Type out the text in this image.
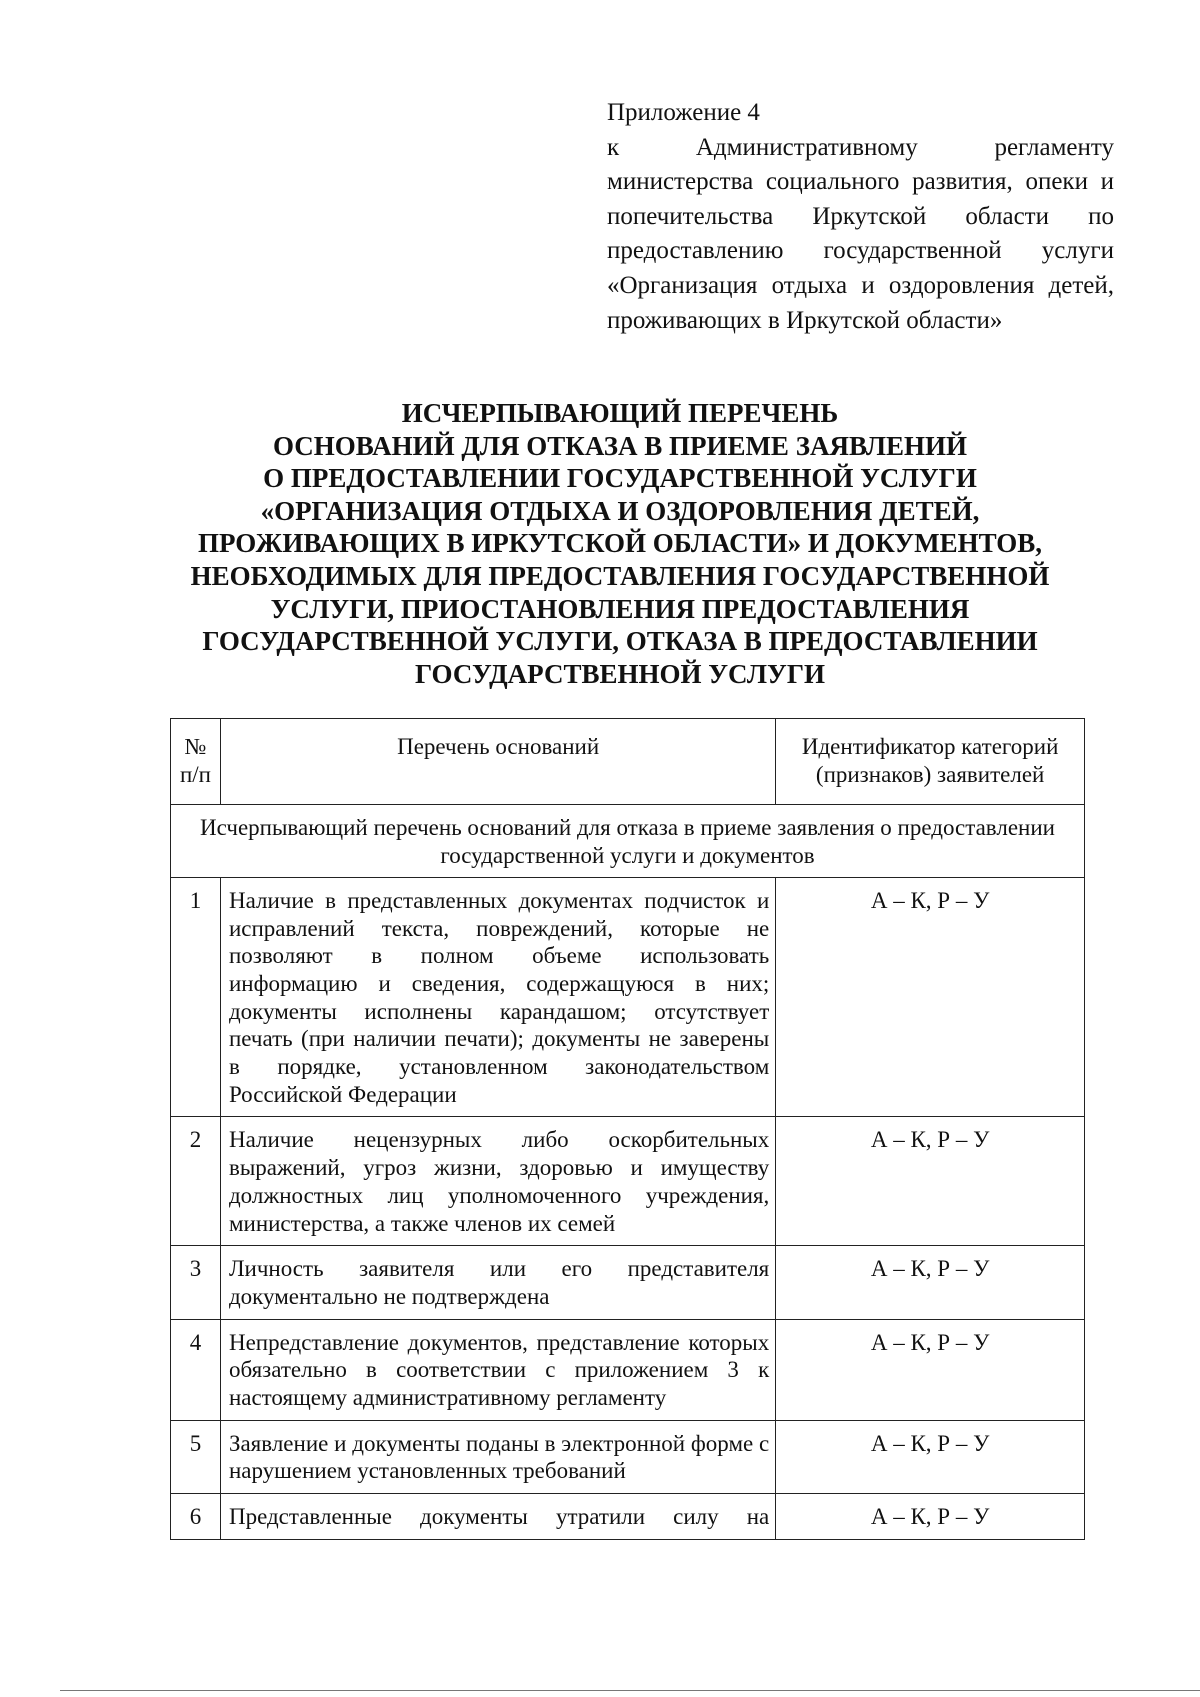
Приложение 4
к Административному регламенту министерства социального развития, опеки и попечительства Иркутской области по предоставлению государственной услуги «Организация отдыха и оздоровления детей, проживающих в Иркутской области»
ИСЧЕРПЫВАЮЩИЙ ПЕРЕЧЕНЬ
ОСНОВАНИЙ ДЛЯ ОТКАЗА В ПРИЕМЕ ЗАЯВЛЕНИЙ
О ПРЕДОСТАВЛЕНИИ ГОСУДАРСТВЕННОЙ УСЛУГИ
«ОРГАНИЗАЦИЯ ОТДЫХА И ОЗДОРОВЛЕНИЯ ДЕТЕЙ,
ПРОЖИВАЮЩИХ В ИРКУТСКОЙ ОБЛАСТИ» И ДОКУМЕНТОВ,
НЕОБХОДИМЫХ ДЛЯ ПРЕДОСТАВЛЕНИЯ ГОСУДАРСТВЕННОЙ
УСЛУГИ, ПРИОСТАНОВЛЕНИЯ ПРЕДОСТАВЛЕНИЯ
ГОСУДАРСТВЕННОЙ УСЛУГИ, ОТКАЗА В ПРЕДОСТАВЛЕНИИ
ГОСУДАРСТВЕННОЙ УСЛУГИ
№
п/п	Перечень оснований	Идентификатор категорий (признаков) заявителей
Исчерпывающий перечень оснований для отказа в приеме заявления о предоставлении государственной услуги и документов		
1	Наличие в представленных документах подчисток и исправлений текста, повреждений, которые не позволяют в полном объеме использовать информацию и сведения, содержащуюся в них; документы исполнены карандашом; отсутствует печать (при наличии печати); документы не заверены в порядке, установленном законодательством Российской Федерации	А – К, Р – У
2	Наличие нецензурных либо оскорбительных выражений, угроз жизни, здоровью и имуществу должностных лиц уполномоченного учреждения, министерства, а также членов их семей	А – К, Р – У
3	Личность заявителя или его представителя документально не подтверждена	А – К, Р – У
4	Непредставление документов, представление которых обязательно в соответствии с приложением 3 к настоящему административному регламенту	А – К, Р – У
5	Заявление и документы поданы в электронной форме с нарушением установленных требований	А – К, Р – У
6	Представленные документы утратили силу на	А – К, Р – У
